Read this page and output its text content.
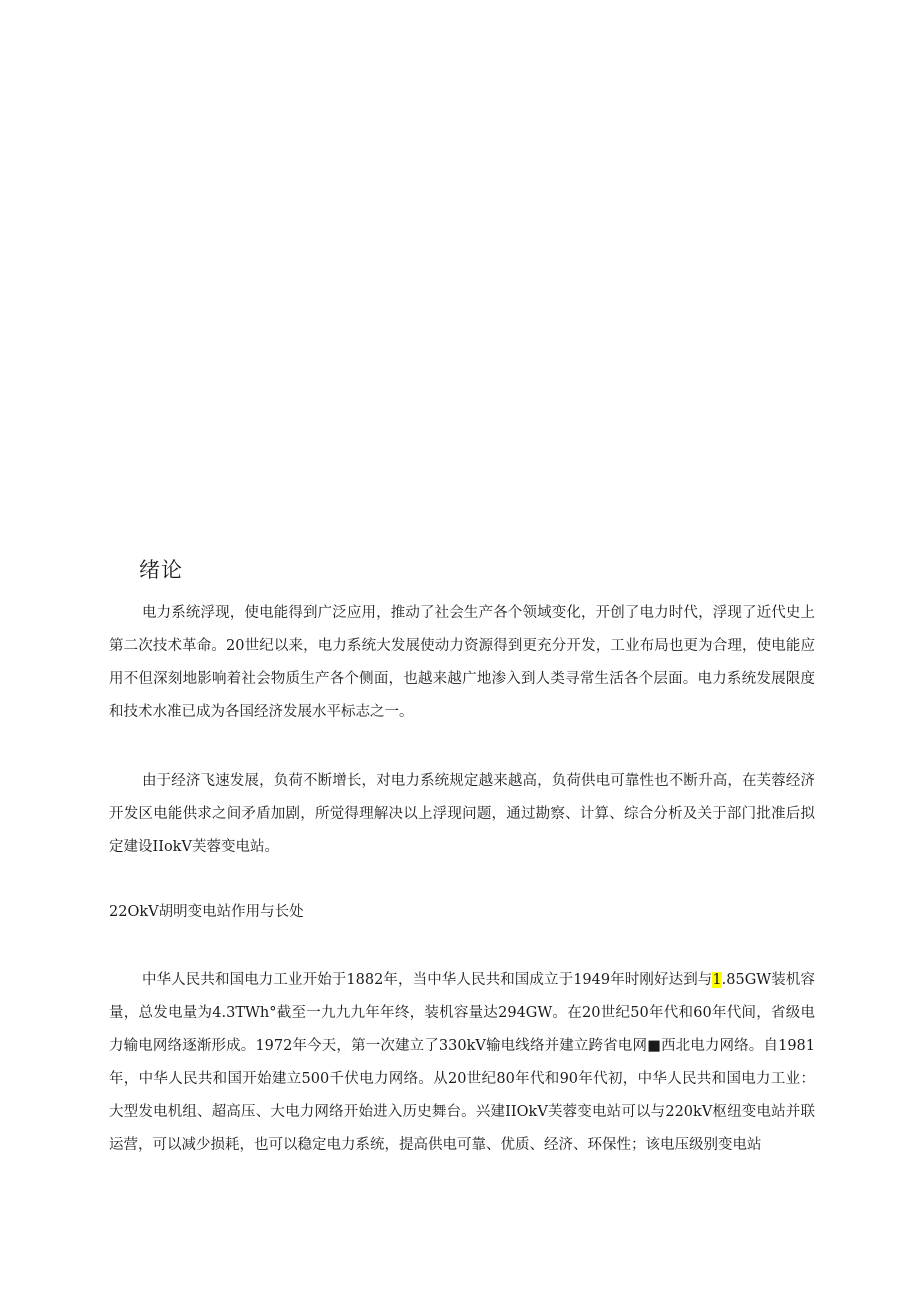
绪论

电力系统浮现，使电能得到广泛应用，推动了社会生产各个领域变化，开创了电力时代，浮现了近代史上第二次技术革命。20世纪以来，电力系统大发展使动力资源得到更充分开发，工业布局也更为合理，使电能应用不但深刻地影响着社会物质生产各个侧面，也越来越广地渗入到人类寻常生活各个层面。电力系统发展限度和技术水准已成为各国经济发展水平标志之一。

由于经济飞速发展，负荷不断增长，对电力系统规定越来越高，负荷供电可靠性也不断升高，在芙蓉经济开发区电能供求之间矛盾加剧，所觉得理解决以上浮现问题，通过勘察、计算、综合分析及关于部门批准后拟定建设IIokV芙蓉变电站。

22OkV胡明变电站作用与长处

中华人民共和国电力工业开始于1882年，当中华人民共和国成立于1949年时刚好达到与1.85GW装机容量，总发电量为4.3TWh°截至一九九九年年终，装机容量达294GW。在20世纪50年代和60年代间，省级电力输电网络逐渐形成。1972年今天，第一次建立了330kV输电线络并建立跨省电网■西北电力网络。自1981年，中华人民共和国开始建立500千伏电力网络。从20世纪80年代和90年代初，中华人民共和国电力工业：大型发电机组、超高压、大电力网络开始进入历史舞台。兴建IIOkV芙蓉变电站可以与220kV枢纽变电站并联运营，可以减少损耗，也可以稳定电力系统，提高供电可靠、优质、经济、环保性；该电压级别变电站
